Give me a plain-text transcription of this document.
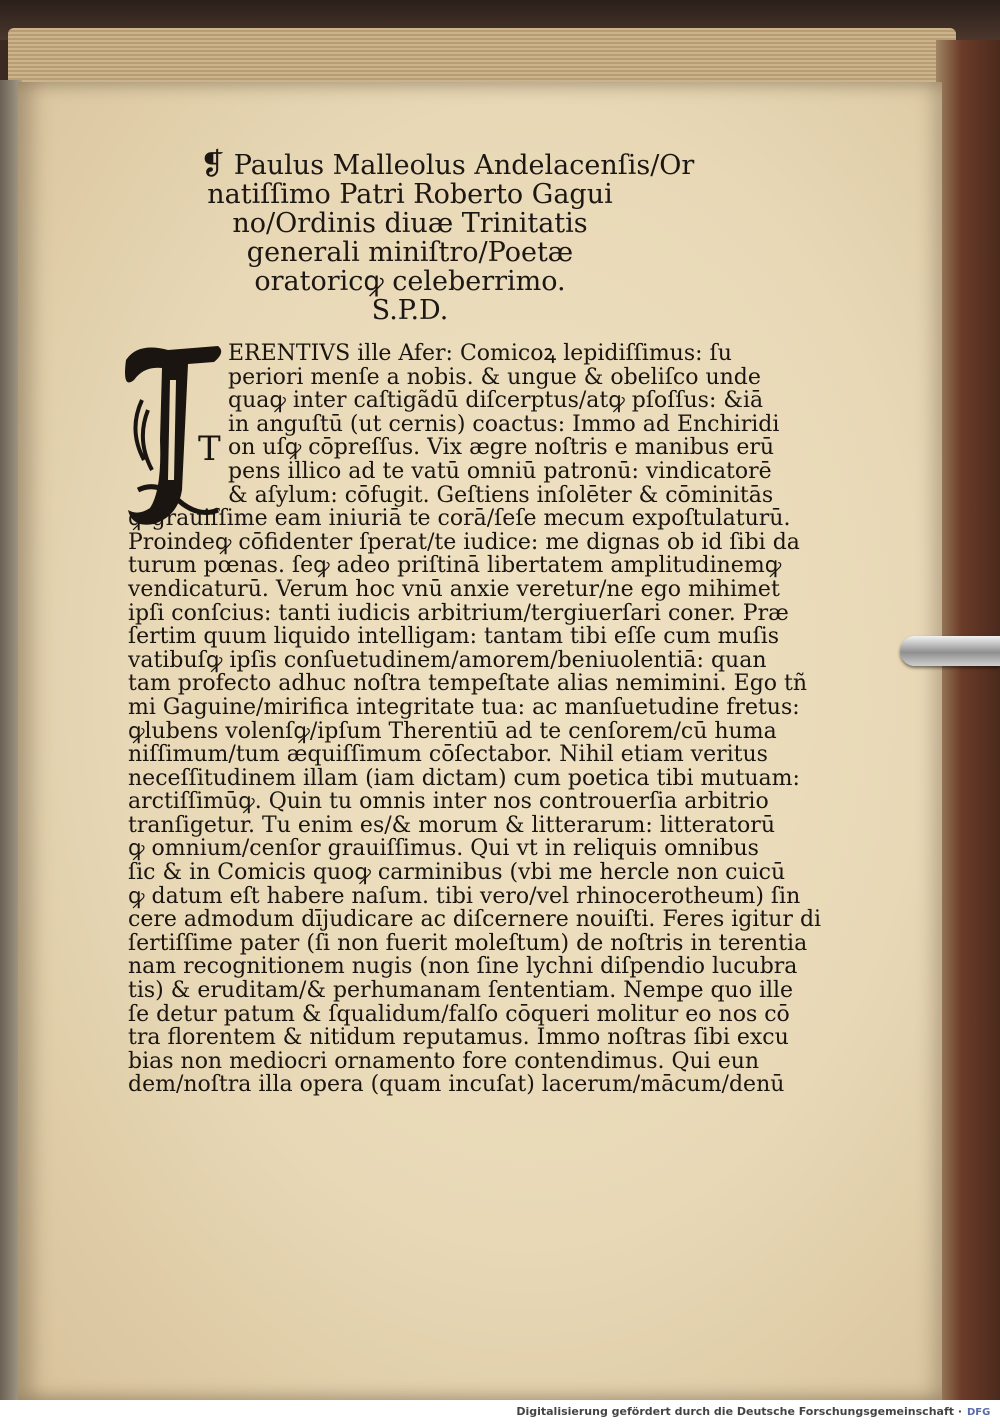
❡ Paulus Malleolus Andelacenſis/Or
natiſſimo Patri Roberto Gagui
no/Ordinis diuæ Trinitatis
generali miniſtro/Poetæ
oratoricꝙ celeberrimo.
S.P.D.
T
ERENTIVS ille Afer: Comicoꝝ lepidiſſimus: ſu
periori menſe a nobis. & ungue & obeliſco unde
quaꝙ inter caſtigãdū diſcerptus/atꝙ pſoſſus: &iā
in anguſtū (ut cernis) coactus: Immo ad Enchiridi
on uſꝙ cōpreſſus. Vix ægre noſtris e manibus erū
pens illico ad te vatū omniū patronū: vindicatorē
& aſylum: cōfugit. Geſtiens inſolēter & cōminitās
ꝙ grauiſſime eam iniuriā te corā/ſeſe mecum expoſtulaturū.
Proindeꝙ cōfidenter ſperat/te iudice: me dignas ob id ſibi da
turum pœnas. ſeꝙ adeo priſtinā libertatem amplitudinemꝙ
vendicaturū. Verum hoc vnū anxie veretur/ne ego mihimet
ipſi conſcius: tanti iudicis arbitrium/tergiuerſari coner. Præ
ſertim quum liquido intelligam: tantam tibi eſſe cum muſis
vatibuſꝙ ipſis conſuetudinem/amorem/beniuolentiā: quan
tam profecto adhuc noſtra tempeſtate alias nemimini. Ego tñ
mi Gaguine/mirifica integritate tua: ac manſuetudine fretus:
ꝙlubens volenſꝙ/ipſum Therentiū ad te cenſorem/cū huma
niſſimum/tum æquiſſimum cōſectabor. Nihil etiam veritus
neceſſitudinem illam (iam dictam) cum poetica tibi mutuam:
arctiſſimūꝙ. Quin tu omnis inter nos controuerſia arbitrio
tranſigetur. Tu enim es/& morum & litterarum: litteratorū
ꝙ omnium/cenſor grauiſſimus. Qui vt in reliquis omnibus
ſic & in Comicis quoꝙ carminibus (vbi me hercle non cuicū
ꝙ datum eſt habere naſum. tibi vero/vel rhinocerotheum) ſin
cere admodum dījudicare ac diſcernere nouiſti. Feres igitur di
ſertiſſime pater (ſi non fuerit moleſtum) de noſtris in terentia
nam recognitionem nugis (non ſine lychni diſpendio lucubra
tis) & eruditam/& perhumanam ſententiam. Nempe quo ille
ſe detur patum & ſqualidum/falſo cōqueri molitur eo nos cō
tra florentem & nitidum reputamus. Immo noſtras ſibi excu
bias non mediocri ornamento fore contendimus. Qui eun
dem/noſtra illa opera (quam incuſat) lacerum/mācum/denū
Digitalisierung gefördert durch die Deutsche Forschungsgemeinschaft · DFG
